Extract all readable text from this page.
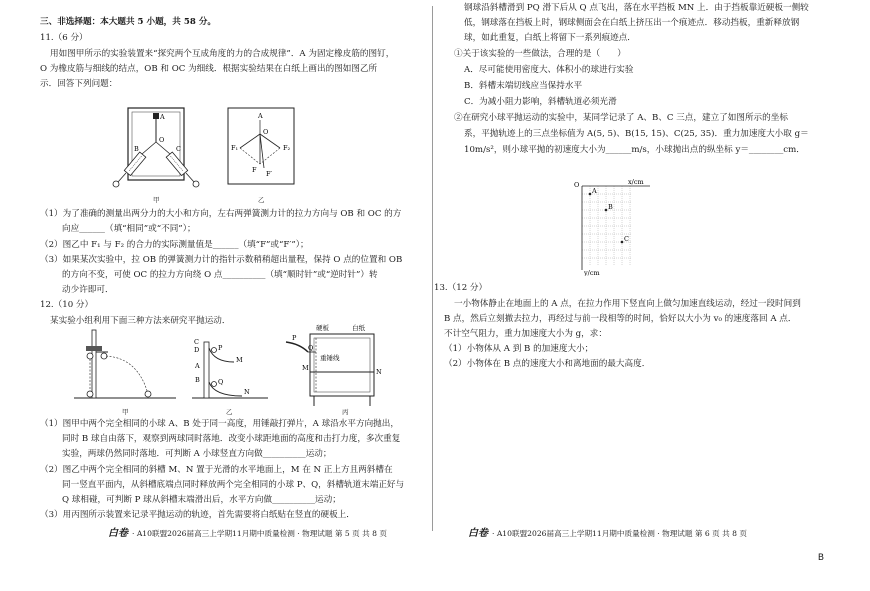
三、非选择题：本大题共 5 小题，共 58 分。
11.（6 分）
用如图甲所示的实验装置来“探究两个互成角度的力的合成规律”．A 为固定橡皮筋的图钉，
O 为橡皮筋与细线的结点，OB 和 OC 为细线．根据实验结果在白纸上画出的图如图乙所
示．回答下列问题：
A
O
B	C
甲
A
O
F₁	F₂
F F′
乙
（1）为了准确的测量出两分力的大小和方向，左右两弹簧测力计的拉力方向与 OB 和 OC 的方
向应______（填“相同”或“不同”）；
（2）图乙中 F₁ 与 F₂ 的合力的实际测量值是______（填“F”或“F′”）；
（3）如果某次实验中，拉 OB 的弹簧测力计的指针示数稍稍超出量程，保持 O 点的位置和 OB
的方向不变，可使 OC 的拉力方向绕 O 点__________（填“顺时针”或“逆时针”）转
动少许即可．
12.（10 分）
某实验小组利用下面三种方法来研究平抛运动．
甲
C
D	P
M
A
B	Q
N
乙
硬板	白纸
P
Q
重锤线
M	N
丙
（1）图甲中两个完全相同的小球 A、B 处于同一高度，用锤敲打弹片，A 球沿水平方向抛出，
同时 B 球自由落下，观察到两球同时落地．改变小球距地面的高度和击打力度，多次重复
实验，两球仍然同时落地．可判断 A 小球竖直方向做__________运动；
（2）图乙中两个完全相同的斜槽 M、N 置于光滑的水平地面上，M 在 N 正上方且两斜槽在
同一竖直平面内，从斜槽底端点同时释放两个完全相同的小球 P、Q，斜槽轨道末端正好与
Q 球相碰，可判断 P 球从斜槽末端滑出后，水平方向做__________运动；
（3）用丙图所示装置来记录平抛运动的轨迹，首先需要将白纸贴在竖直的硬板上．
白卷 · A10联盟2026届高三上学期11月期中质量检测 · 物理试题 第 5 页 共 8 页
钢球沿斜槽滑到 PQ 滑下后从 Q 点飞出，落在水平挡板 MN 上．由于挡板靠近硬板一侧较
低，钢球落在挡板上时，钢球侧面会在白纸上挤压出一个痕迹点．移动挡板，重新释放钢
球，如此重复，白纸上将留下一系列痕迹点．
①关于该实验的一些做法，合理的是（　　）
A．尽可能使用密度大、体积小的球进行实验
B．斜槽末端切线应当保持水平
C．为减小阻力影响，斜槽轨道必须光滑
②在研究小球平抛运动的实验中，某同学记录了 A、B、C 三点，建立了如图所示的坐标
系，平抛轨迹上的三点坐标值为 A(5, 5)、B(15, 15)、C(25, 35)．重力加速度大小取 g＝
10m/s²，则小球平抛的初速度大小为______m/s，小球抛出点的纵坐标 y＝________cm．
O	x/cm
y/cm
A
B
C
13.（12 分）
一小物体静止在地面上的 A 点，在拉力作用下竖直向上做匀加速直线运动，经过一段时间到
B 点，然后立刻撤去拉力，再经过与前一段相等的时间，恰好以大小为 v₀ 的速度落回 A 点．
不计空气阻力，重力加速度大小为 g，求：
（1）小物体从 A 到 B 的加速度大小；
（2）小物体在 B 点的速度大小和离地面的最大高度．
白卷 · A10联盟2026届高三上学期11月期中质量检测 · 物理试题 第 6 页 共 8 页
B
